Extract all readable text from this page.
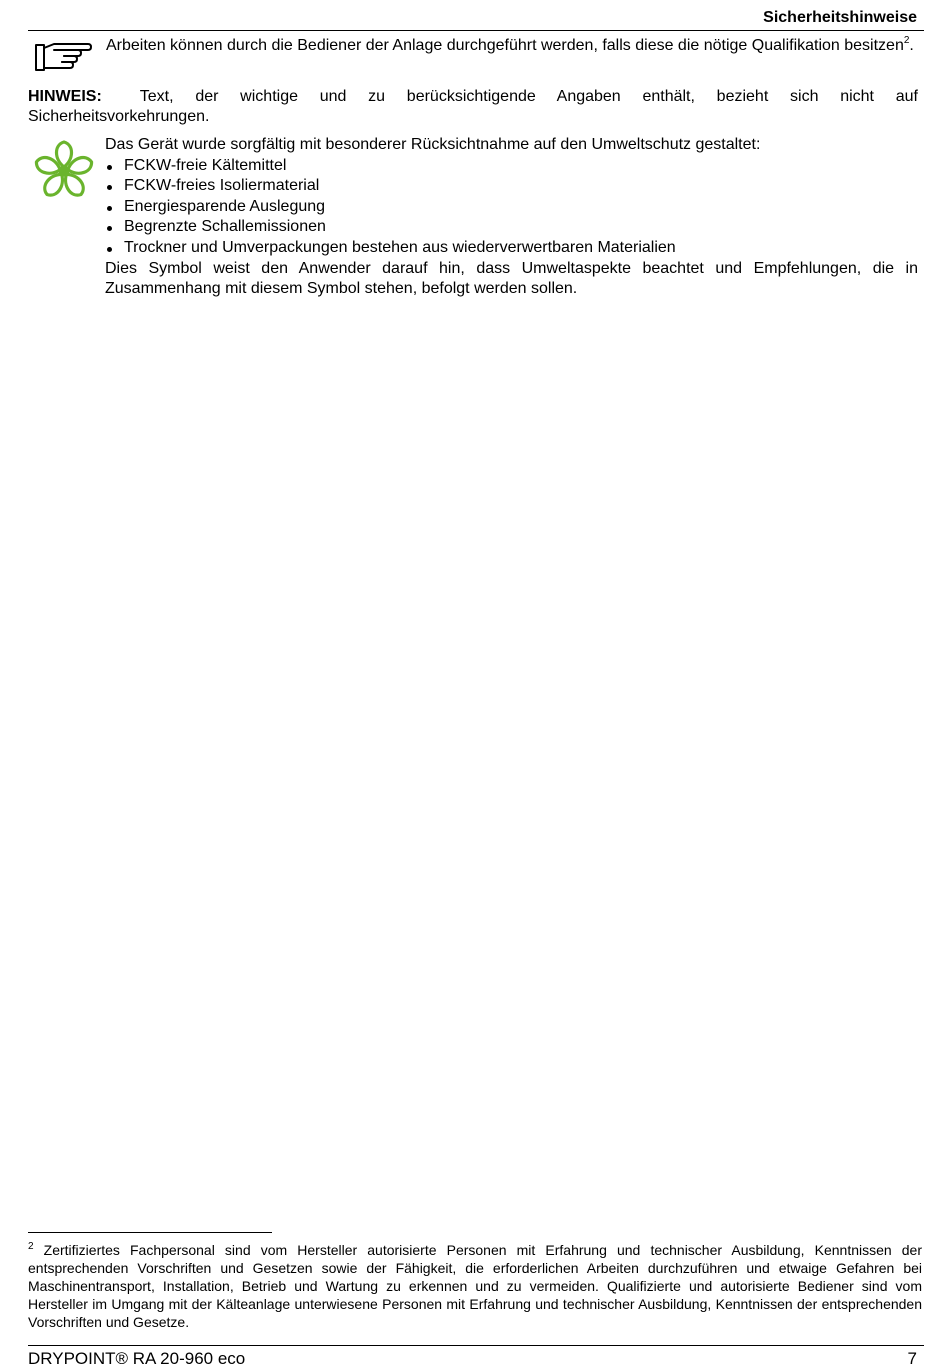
Sicherheitshinweise
Arbeiten können durch die Bediener der Anlage durchgeführt werden, falls diese die nötige Qualifikation besitzen$^2$.
HINWEIS: Text, der wichtige und zu berücksichtigende Angaben enthält, bezieht sich nicht auf
Sicherheitsvorkehrungen.
Das Gerät wurde sorgfältig mit besonderer Rücksichtnahme auf den Umweltschutz gestaltet:
FCKW-freie Kältemittel
FCKW-freies Isoliermaterial
Energiesparende Auslegung
Begrenzte Schallemissionen
Trockner und Umverpackungen bestehen aus wiederverwertbaren Materialien
Dies Symbol weist den Anwender darauf hin, dass Umweltaspekte beachtet und Empfehlungen, die in Zusammenhang mit diesem Symbol stehen, befolgt werden sollen.
$^2$ Zertifiziertes Fachpersonal sind vom Hersteller autorisierte Personen mit Erfahrung und technischer Ausbildung, Kenntnissen der entsprechenden Vorschriften und Gesetzen sowie der Fähigkeit, die erforderlichen Arbeiten durchzuführen und etwaige Gefahren bei Maschinentransport, Installation, Betrieb und Wartung zu erkennen und zu vermeiden. Qualifizierte und autorisierte Bediener sind vom Hersteller im Umgang mit der Kälteanlage unterwiesene Personen mit Erfahrung und technischer Ausbildung, Kenntnissen der entsprechenden Vorschriften und Gesetze.
DRYPOINT® RA 20-960 eco	7
